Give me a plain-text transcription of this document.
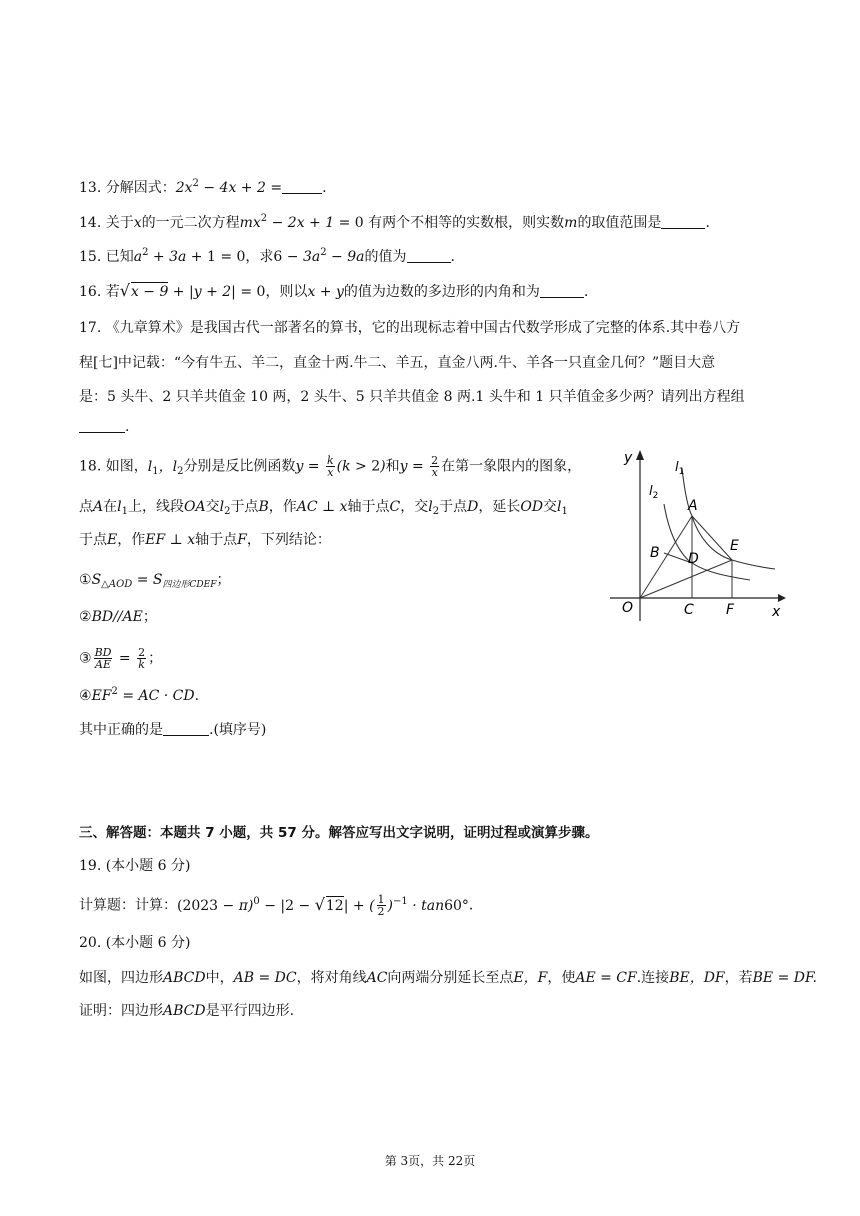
13. 分解因式：$2x^2 - 4x + 2$ =	.
14. 关于x的一元二次方程$mx^2 - 2x + 1 = 0$ 有两个不相等的实数根，则实数m的取值范围是	.
15. 已知$a^2 + 3a + 1 = 0$，求$6 - 3a^2 - 9a$的值为	.
16. 若√x − 9 + |y + 2| = 0，则以x + y的值为边数的多边形的内角和为	.
17. 《九章算术》是我国古代一部著名的算书，它的出现标志着中国古代数学形成了完整的体系.其中卷八方
程[七]中记载：“今有牛五、羊二，直金十两.牛二、羊五，直金八两.牛、羊各一只直金几何？”题目大意
是：5 头牛、2 只羊共值金 10 两，2 头牛、5 只羊共值金 8 两.1 头牛和 1 只羊值金多少两？请列出方程组
.
18. 如图，$l_1$，$l_2$分别是反比例函数$y = \frac{k}{x} (k > 2)$和$y = \frac{2}{x}$ 在第一象限内的图象，
点A在$l_1$上，线段OA交$l_2$于点B，作AC ⊥ x轴于点C，交$l_2$于点D，延长OD交$l_1$
于点E，作EF ⊥ x轴于点F，下列结论：
$①S_{\triangle AOD} = S_{四边形CDEF}$；
②BD//AE；
③ $\frac{BD}{AE} = \frac{2}{k}$ ；
$④EF^2$ = AC · CD.
其中正确的是	.(填序号)
y
x
O
A
B
C
D
E
F
$l_1$
$l_2$
三、解答题：本题共 7 小题，共 57 分。解答应写出文字说明，证明过程或演算步骤。
19. (本小题 6 分)
计算题：计算：$(2023 - \pi)^0 - |2 - √12|$ + ( $\frac{1}{2} )^{-1} \cdot \tan 60^\circ$.
20. (本小题 6 分)
如图，四边形ABCD中，AB = DC，将对角线AC向两端分别延长至点E，F，使AE = CF.连接BE，DF，若BE = DF.
证明：四边形ABCD是平行四边形.
第 3页，共 22页
